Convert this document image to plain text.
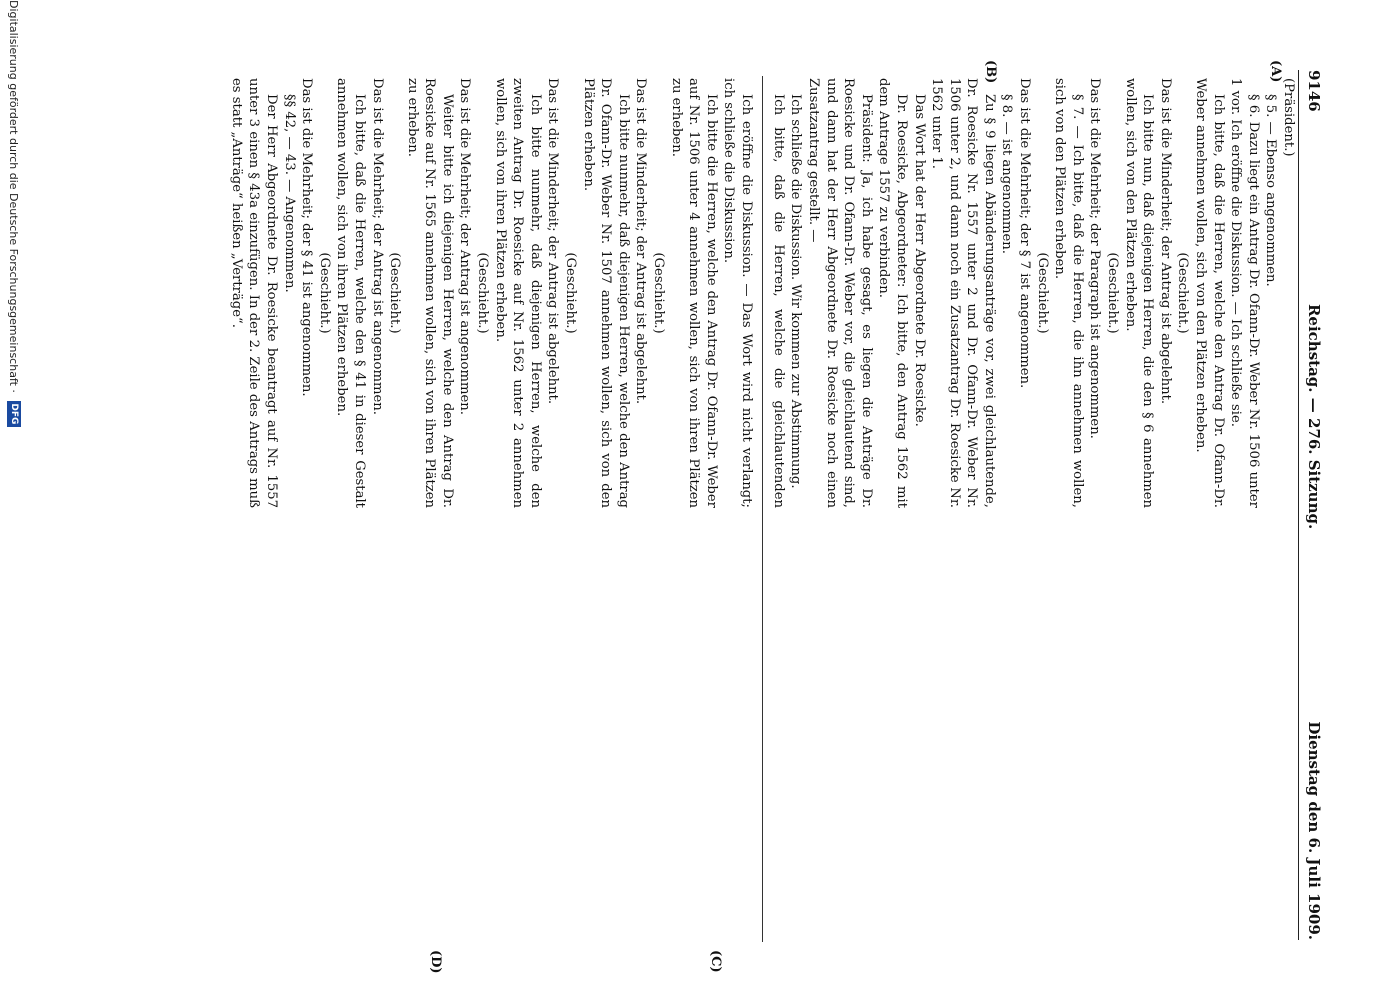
9146
Reichstag. — 276. Sitzung.
Dienstag den 6. Juli 1909.
(A)
(B)
(C)
(D)

(Präsident.)

§ 5. — Ebenso angenommen.

§ 6. Dazu liegt ein Antrag Dr. Ofann-Dr. Weber Nr. 1506 unter 1 vor. Ich eröffne die Diskussion. — Ich schließe sie.

Ich bitte, daß die Herren, welche den Antrag Dr. Ofann-Dr. Weber annehmen wollen, sich von den Plätzen erheben.

(Geschieht.)

Das ist die Minderheit; der Antrag ist abgelehnt.

Ich bitte nun, daß diejenigen Herren, die den § 6 annehmen wollen, sich von den Plätzen erheben.

(Geschieht.)

Das ist die Mehrheit; der Paragraph ist angenommen.

§ 7. — Ich bitte, daß die Herren, die ihn annehmen wollen, sich von den Plätzen erheben.

(Geschieht.)

Das ist die Mehrheit; der § 7 ist angenommen.

§ 8. — ist angenommen.

Zu § 9 liegen Abänderungsanträge vor, zwei gleichlautende, Dr. Roesicke Nr. 1557 unter 2 und Dr. Ofann-Dr. Weber Nr. 1506 unter 2, und dann noch ein Zusatzantrag Dr. Roesicke Nr. 1562 unter 1.

Das Wort hat der Herr Abgeordnete Dr. Roesicke.

Dr. Roesicke, Abgeordneter: Ich bitte, den Antrag 1562 mit dem Antrage 1557 zu verbinden.

Präsident: Ja, ich habe gesagt, es liegen die Anträge Dr. Roesicke und Dr. Ofann-Dr. Weber vor, die gleichlautend sind, und dann hat der Herr Abgeordnete Dr. Roesicke noch einen Zusatzantrag gestellt. —

Ich schließe die Diskussion. Wir kommen zur Abstimmung.

Ich bitte, daß die Herren, welche die gleichlautenden

Ich eröffne die Diskussion. — Das Wort wird nicht verlangt; ich schließe die Diskussion.

Ich bitte die Herren, welche den Antrag Dr. Ofann-Dr. Weber auf Nr. 1506 unter 4 annehmen wollen, sich von ihren Plätzen zu erheben.

(Geschieht.)

Das ist die Minderheit; der Antrag ist abgelehnt.

Ich bitte nunmehr, daß diejenigen Herren, welche den Antrag Dr. Ofann-Dr. Weber Nr. 1507 annehmen wollen, sich von den Plätzen erheben.

(Geschieht.)

Das ist die Minderheit; der Antrag ist abgelehnt.

Ich bitte nunmehr, daß diejenigen Herren, welche den zweiten Antrag Dr. Roesicke auf Nr. 1562 unter 2 annehmen wollen, sich von ihren Plätzen erheben.

(Geschieht.)

Das ist die Mehrheit; der Antrag ist angenommen.

Weiter bitte ich diejenigen Herren, welche den Antrag Dr. Roesicke auf Nr. 1565 annehmen wollen, sich von ihren Plätzen zu erheben.

(Geschieht.)

Das ist die Mehrheit; der Antrag ist angenommen.

Ich bitte, daß die Herren, welche den § 41 in dieser Gestalt annehmen wollen, sich von ihren Plätzen erheben.

(Geschieht.)

Das ist die Mehrheit; der § 41 ist angenommen.

§§ 42, — 43. — Angenommen.

Der Herr Abgeordnete Dr. Roesicke beantragt auf Nr. 1557 unter 3 einen § 43a einzufügen. In der 2. Zeile des Antrags muß es statt „Anträge“ heißen „Verträge“.

Digitalisierung gefördert durch die Deutsche Forschungsgemeinschaft ·
DFG
